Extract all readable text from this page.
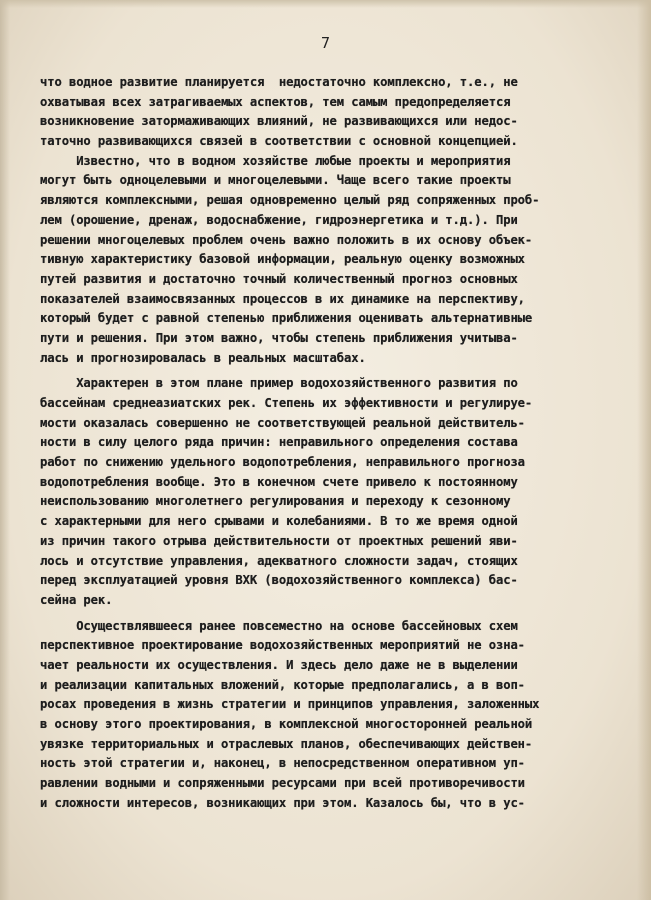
7
что водное развитие планируется  недостаточно комплексно, т.е., не
охватывая всех затрагиваемых аспектов, тем самым предопределяется
возникновение затормаживающих влияний, не развивающихся или недос-
таточно развивающихся связей в соответствии с основной концепцией.
Известно, что в водном хозяйстве любые проекты и мероприятия
могут быть одноцелевыми и многоцелевыми. Чаще всего такие проекты
являются комплексными, решая одновременно целый ряд сопряженных проб-
лем (орошение, дренаж, водоснабжение, гидроэнергетика и т.д.). При
решении многоцелевых проблем очень важно положить в их основу объек-
тивную характеристику базовой информации, реальную оценку возможных
путей развития и достаточно точный количественный прогноз основных
показателей взаимосвязанных процессов в их динамике на перспективу,
который будет с равной степенью приближения оценивать альтернативные
пути и решения. При этом важно, чтобы степень приближения учитыва-
лась и прогнозировалась в реальных масштабах.
Характерен в этом плане пример водохозяйственного развития по
бассейнам среднеазиатских рек. Степень их эффективности и регулируе-
мости оказалась совершенно не соответствующей реальной действитель-
ности в силу целого ряда причин: неправильного определения состава
работ по снижению удельного водопотребления, неправильного прогноза
водопотребления вообще. Это в конечном счете привело к постоянному
неиспользованию многолетнего регулирования и переходу к сезонному
с характерными для него срывами и колебаниями. В то же время одной
из причин такого отрыва действительности от проектных решений яви-
лось и отсутствие управления, адекватного сложности задач, стоящих
перед эксплуатацией уровня ВХК (водохозяйственного комплекса) бас-
сейна рек.
Осуществлявшееся ранее повсеместно на основе бассейновых схем
перспективное проектирование водохозяйственных мероприятий не озна-
чает реальности их осуществления. И здесь дело даже не в выделении
и реализации капитальных вложений, которые предполагались, а в воп-
росах проведения в жизнь стратегии и принципов управления, заложенных
в основу этого проектирования, в комплексной многосторонней реальной
увязке территориальных и отраслевых планов, обеспечивающих действен-
ность этой стратегии и, наконец, в непосредственном оперативном уп-
равлении водными и сопряженными ресурсами при всей противоречивости
и сложности интересов, возникающих при этом. Казалось бы, что в ус-
